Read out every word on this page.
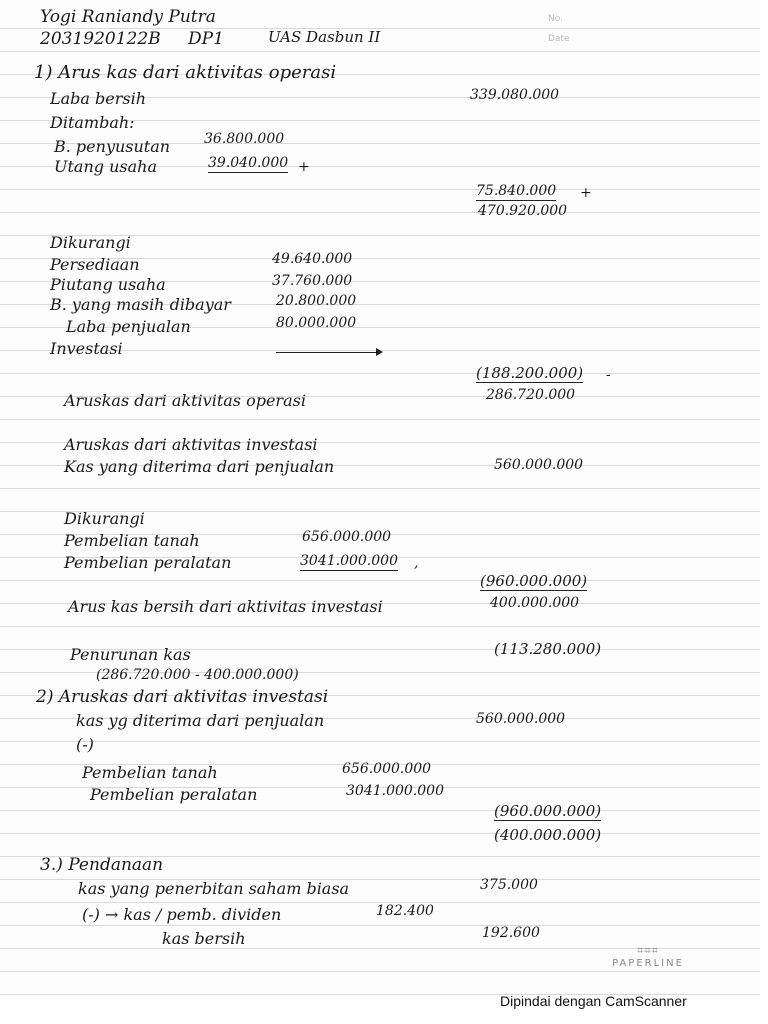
Yogi Raniandy Putra
2031920122B DP1	UAS Dasbun II
No.
Date
1) Arus kas dari aktivitas operasi
Laba bersih	339.080.000
Ditambah:
B. penyusutan 36.800.000
Utang usaha	39.040.000 +
75.840.000 +
470.920.000
Dikurangi
Persediaan	49.640.000
Piutang usaha	37.760.000
B. yang masih dibayar	20.800.000
Laba penjualan	80.000.000
Investasi
(188.200.000) -
286.720.000
Aruskas dari aktivitas operasi
Aruskas dari aktivitas investasi
Kas yang diterima dari penjualan	560.000.000
Dikurangi
Pembelian tanah	656.000.000
Pembelian peralatan	3041.000.000 ,
(960.000.000)
400.000.000
Arus kas bersih dari aktivitas investasi
Penurunan kas	(113.280.000)
(286.720.000 - 400.000.000)
2) Aruskas dari aktivitas investasi
kas yg diterima dari penjualan	560.000.000
(-)
Pembelian tanah	656.000.000
Pembelian peralatan	3041.000.000
(960.000.000)
(400.000.000)
3.) Pendanaan
kas yang penerbitan saham biasa	375.000
(-) → kas / pemb. dividen	182.400
kas bersih	192.600
⌗⌗⌗
PAPERLINE
Dipindai dengan CamScanner
